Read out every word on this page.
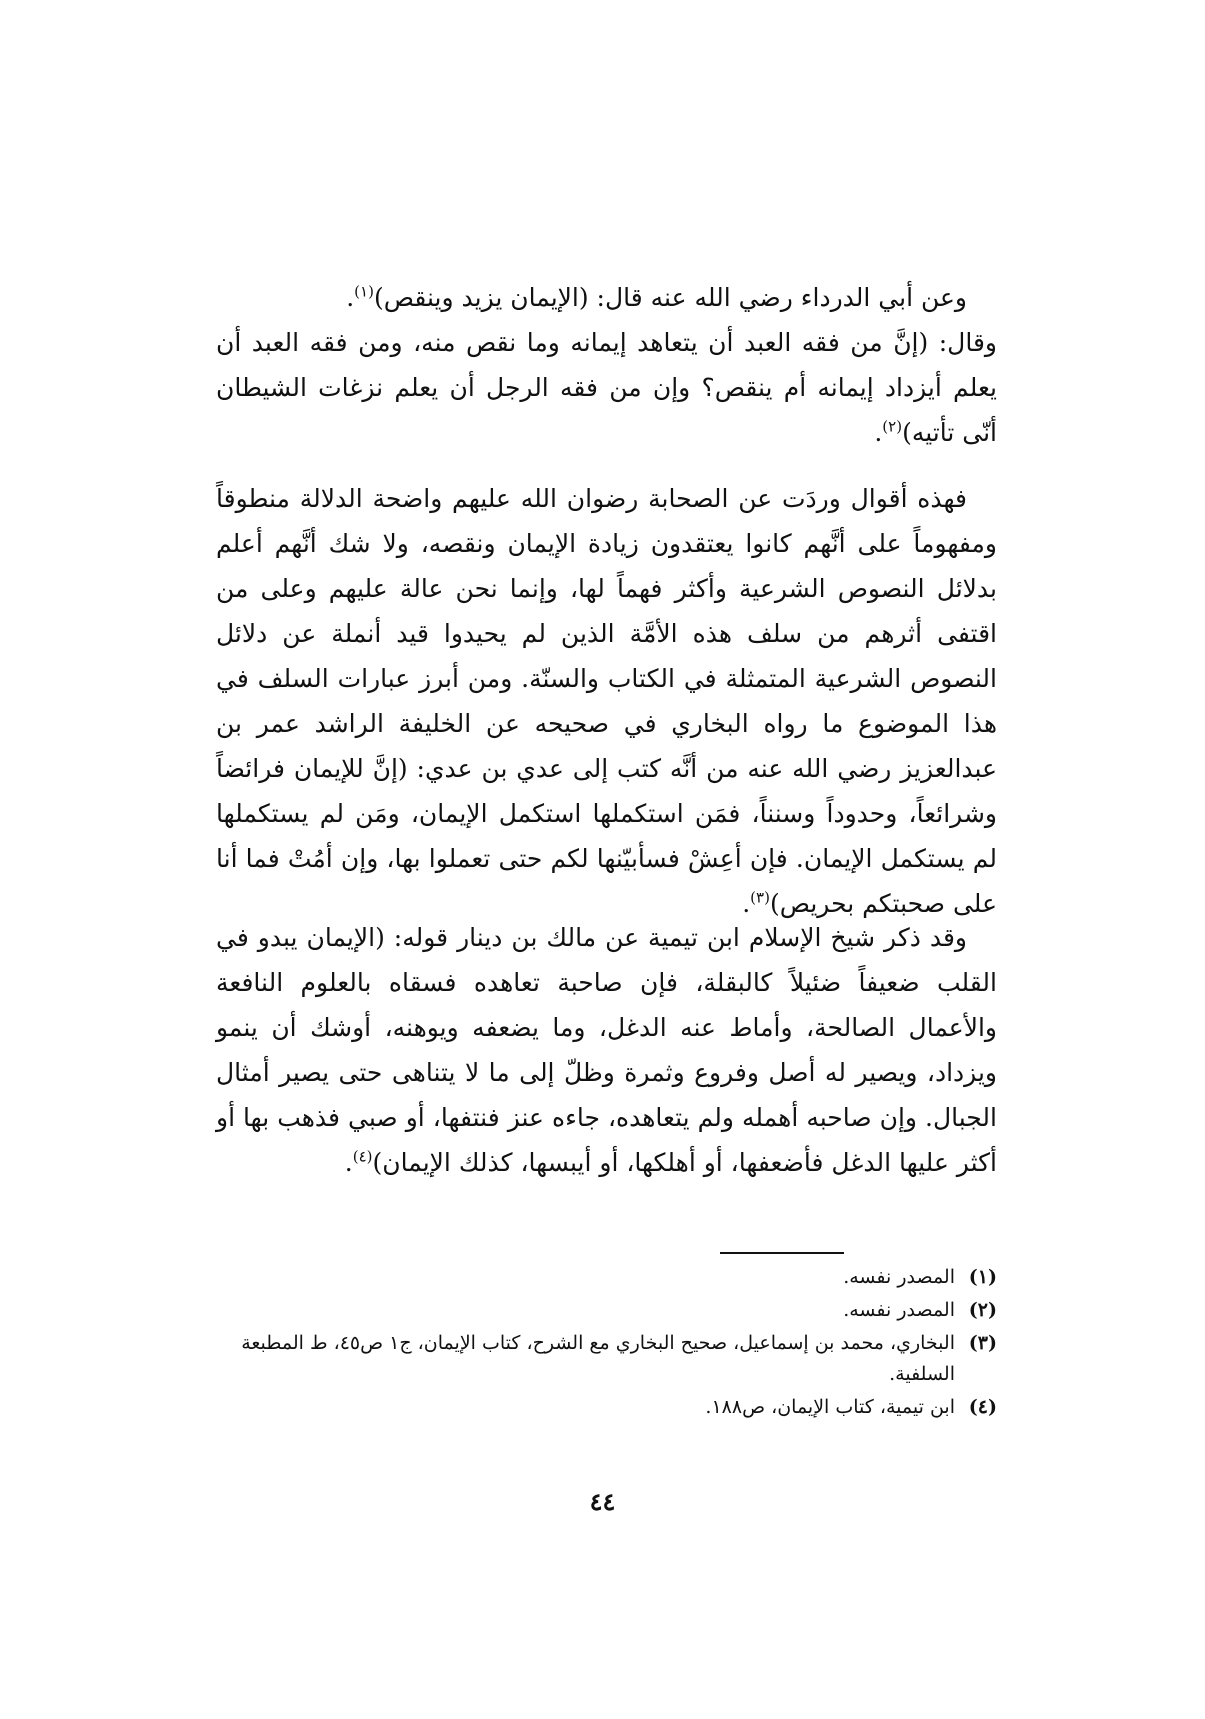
وعن أبي الدرداء رضي الله عنه قال: (الإيمان يزيد وينقص)$^{(١)}$.

وقال: (إنَّ من فقه العبد أن يتعاهد إيمانه وما نقص منه، ومن فقه العبد أن يعلم أيزداد إيمانه أم ينقص؟ وإن من فقه الرجل أن يعلم نزغات الشيطان أنّى تأتيه)$^{(٢)}$.

فهذه أقوال وردَت عن الصحابة رضوان الله عليهم واضحة الدلالة منطوقاً ومفهوماً على أنَّهم كانوا يعتقدون زيادة الإيمان ونقصه، ولا شك أنَّهم أعلم بدلائل النصوص الشرعية وأكثر فهماً لها، وإنما نحن عالة عليهم وعلى من اقتفى أثرهم من سلف هذه الأمَّة الذين لم يحيدوا قيد أنملة عن دلائل النصوص الشرعية المتمثلة في الكتاب والسنّة. ومن أبرز عبارات السلف في هذا الموضوع ما رواه البخاري في صحيحه عن الخليفة الراشد عمر بن عبدالعزيز رضي الله عنه من أنَّه كتب إلى عدي بن عدي: (إنَّ للإيمان فرائضاً وشرائعاً، وحدوداً وسنناً، فمَن استكملها استكمل الإيمان، ومَن لم يستكملها لم يستكمل الإيمان. فإن أعِشْ فسأبيّنها لكم حتى تعملوا بها، وإن أمُتْ فما أنا على صحبتكم بحريص)$^{(٣)}$.

وقد ذكر شيخ الإسلام ابن تيمية عن مالك بن دينار قوله: (الإيمان يبدو في القلب ضعيفاً ضئيلاً كالبقلة، فإن صاحبة تعاهده فسقاه بالعلوم النافعة والأعمال الصالحة، وأماط عنه الدغل، وما يضعفه ويوهنه، أوشك أن ينمو ويزداد، ويصير له أصل وفروع وثمرة وظلّ إلى ما لا يتناهى حتى يصير أمثال الجبال. وإن صاحبه أهمله ولم يتعاهده، جاءه عنز فنتفها، أو صبي فذهب بها أو أكثر عليها الدغل فأضعفها، أو أهلكها، أو أيبسها، كذلك الإيمان)$^{(٤)}$.

(١)
المصدر نفسه.
(٢)
المصدر نفسه.
(٣)
البخاري، محمد بن إسماعيل، صحيح البخاري مع الشرح، كتاب الإيمان، ج١ ص٤٥، ط المطبعة السلفية.
(٤)
ابن تيمية، كتاب الإيمان، ص١٨٨.
٤٤
